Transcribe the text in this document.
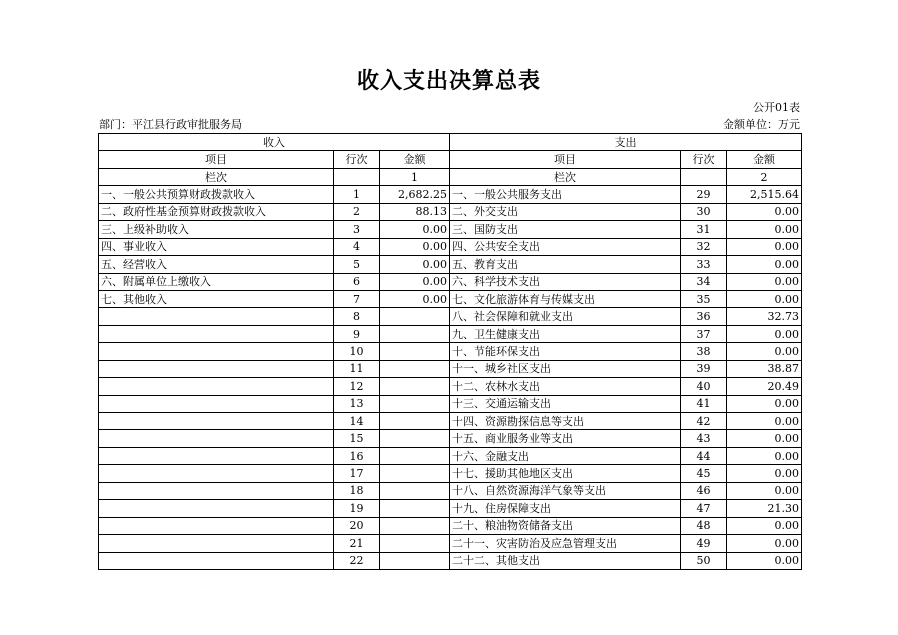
收入支出决算总表
公开01表
部门：平江县行政审批服务局	金额单位：万元
收入			支出		
项目	行次	金额	项目	行次	金额
栏次		1	栏次		2
一、一般公共预算财政拨款收入	1	2,682.25	一、一般公共服务支出	29	2,515.64
二、政府性基金预算财政拨款收入	2	88.13	二、外交支出	30	0.00
三、上级补助收入	3	0.00	三、国防支出	31	0.00
四、事业收入	4	0.00	四、公共安全支出	32	0.00
五、经营收入	5	0.00	五、教育支出	33	0.00
六、附属单位上缴收入	6	0.00	六、科学技术支出	34	0.00
七、其他收入	7	0.00	七、文化旅游体育与传媒支出	35	0.00
	8		八、社会保障和就业支出	36	32.73
	9		九、卫生健康支出	37	0.00
	10		十、节能环保支出	38	0.00
	11		十一、城乡社区支出	39	38.87
	12		十二、农林水支出	40	20.49
	13		十三、交通运输支出	41	0.00
	14		十四、资源勘探信息等支出	42	0.00
	15		十五、商业服务业等支出	43	0.00
	16		十六、金融支出	44	0.00
	17		十七、援助其他地区支出	45	0.00
	18		十八、自然资源海洋气象等支出	46	0.00
	19		十九、住房保障支出	47	21.30
	20		二十、粮油物资储备支出	48	0.00
	21		二十一、灾害防治及应急管理支出	49	0.00
	22		二十二、其他支出	50	0.00
